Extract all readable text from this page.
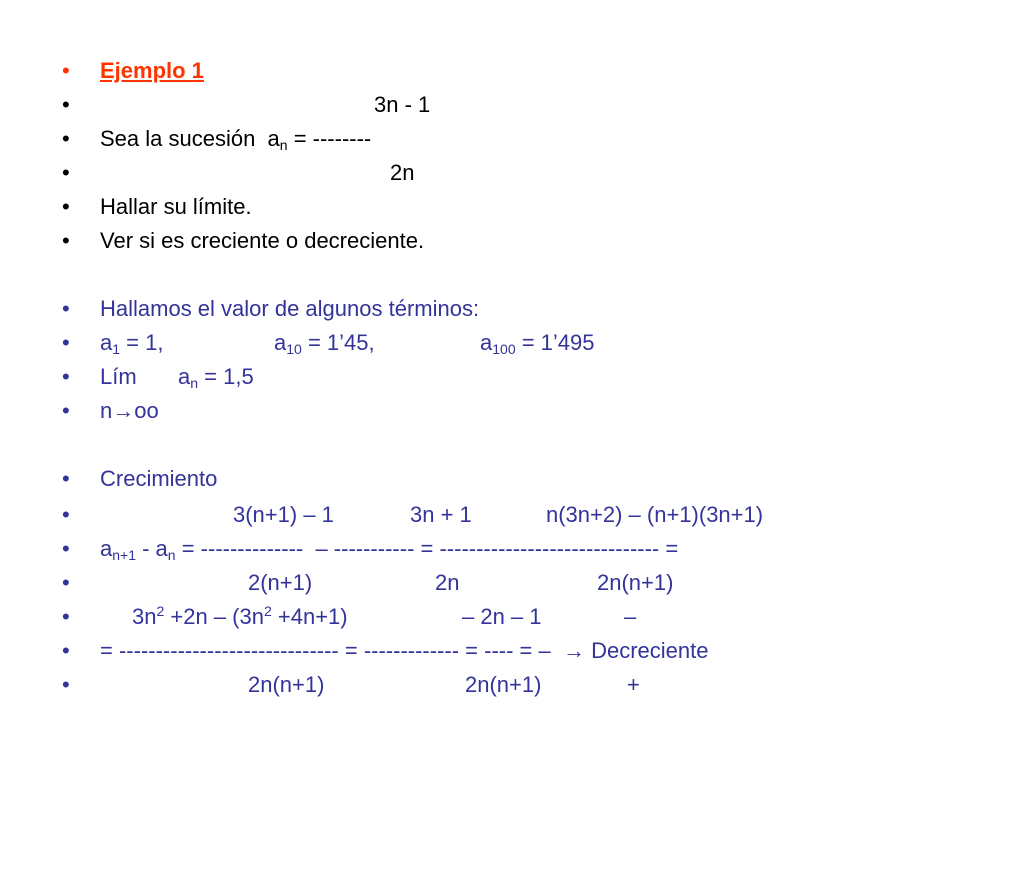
•

Ejemplo 1

•

	3n - 1

•

Sea la sucesión  $a_n$ = --------

•

	2n

•

Hallar su límite.

•

Ver si es creciente o decreciente.

•

Hallamos el valor de algunos términos:

•

$a_1 = 1$,

	$a_{10}$ = 1’45,

	$a_{100}$ = 1’495

•

Lím

$a_n = 1,5$

•

n→oo

•

Crecimiento

•

	3(n+1) – 1

	3n + 1

	n(3n+2) – (n+1)(3n+1)

•

$a_{n+1} - a_n$ = --------------  – ----------- = ------------------------------ =

•

	2(n+1)

	2n

	2n(n+1)

•

	$3n^2 +2n - (3n^2 +4n+1)$

	– 2n – 1

	–

•

= ------------------------------ = ------------- = ---- = –  → Decreciente

•

	2n(n+1)

	2n(n+1)

	+
